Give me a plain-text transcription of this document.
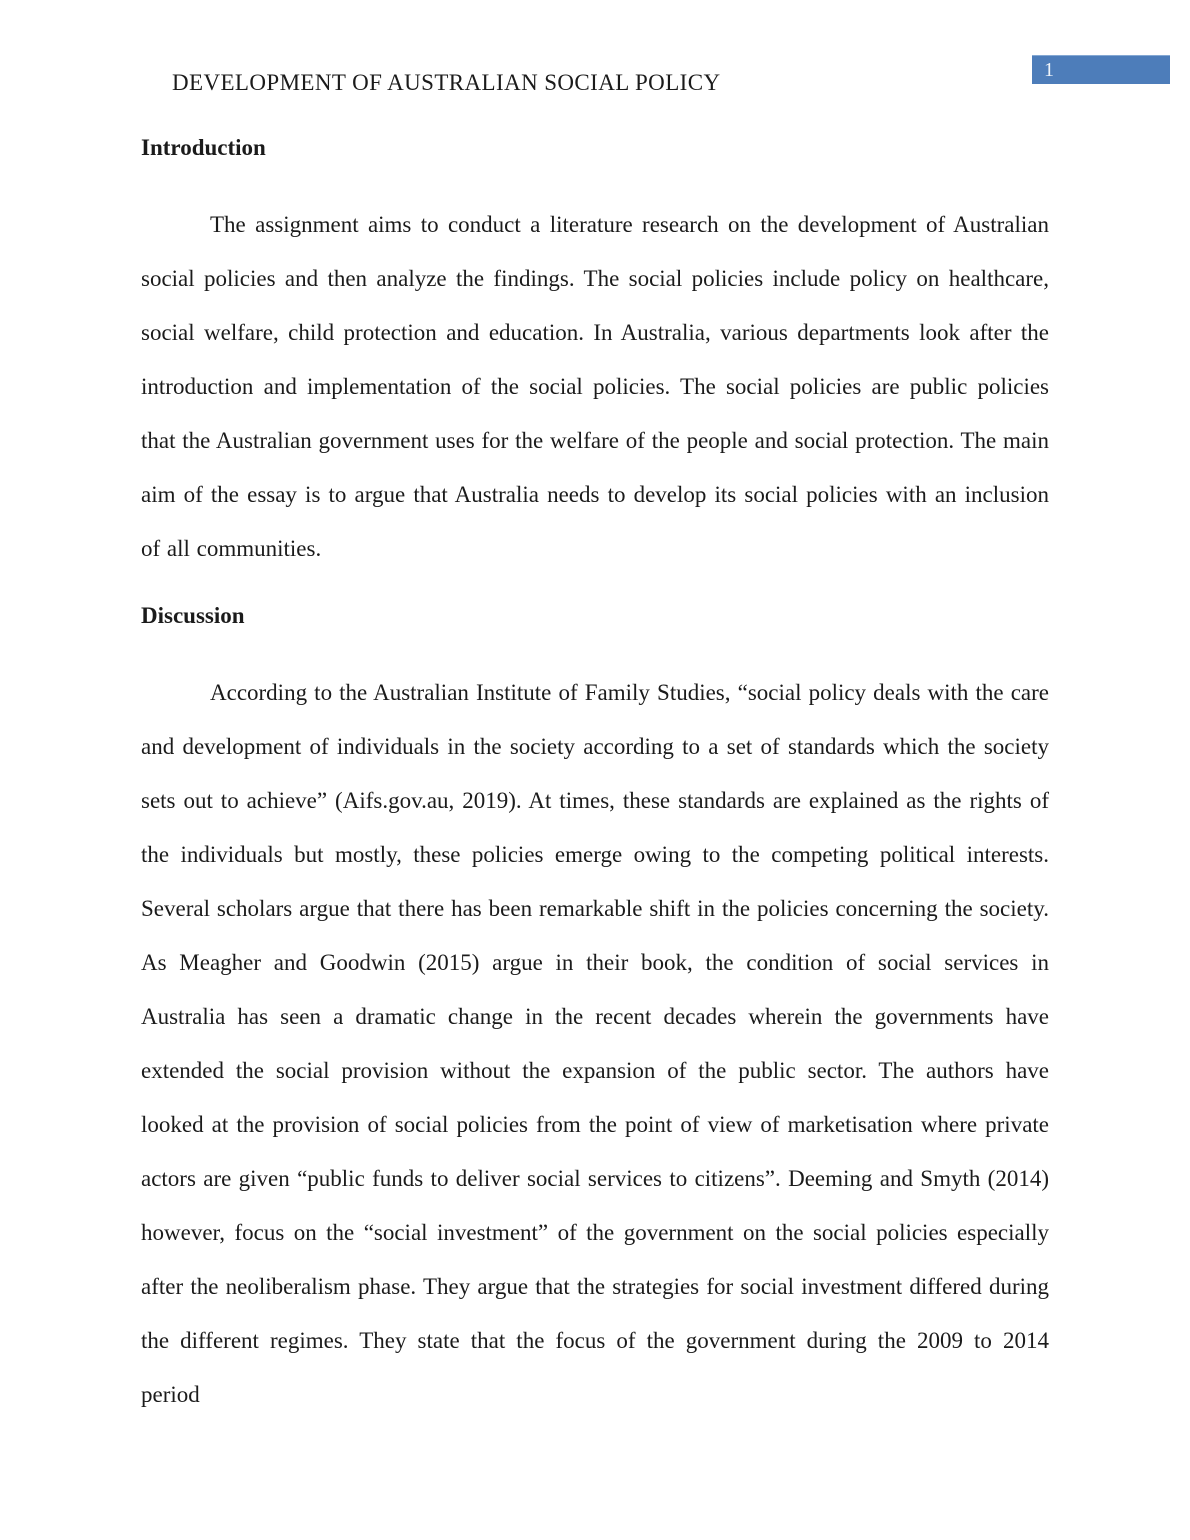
DEVELOPMENT OF AUSTRALIAN SOCIAL POLICY	1
Introduction

The assignment aims to conduct a literature research on the development of Australian social policies and then analyze the findings. The social policies include policy on healthcare, social welfare, child protection and education. In Australia, various departments look after the introduction and implementation of the social policies. The social policies are public policies that the Australian government uses for the welfare of the people and social protection. The main aim of the essay is to argue that Australia needs to develop its social policies with an inclusion of all communities.

Discussion

According to the Australian Institute of Family Studies, “social policy deals with the care and development of individuals in the society according to a set of standards which the society sets out to achieve” (Aifs.gov.au, 2019). At times, these standards are explained as the rights of the individuals but mostly, these policies emerge owing to the competing political interests. Several scholars argue that there has been remarkable shift in the policies concerning the society. As Meagher and Goodwin (2015) argue in their book, the condition of social services in Australia has seen a dramatic change in the recent decades wherein the governments have extended the social provision without the expansion of the public sector. The authors have looked at the provision of social policies from the point of view of marketisation where private actors are given “public funds to deliver social services to citizens”. Deeming and Smyth (2014) however, focus on the “social investment” of the government on the social policies especially after the neoliberalism phase. They argue that the strategies for social investment differed during the different regimes. They state that the focus of the government during the 2009 to 2014 period
